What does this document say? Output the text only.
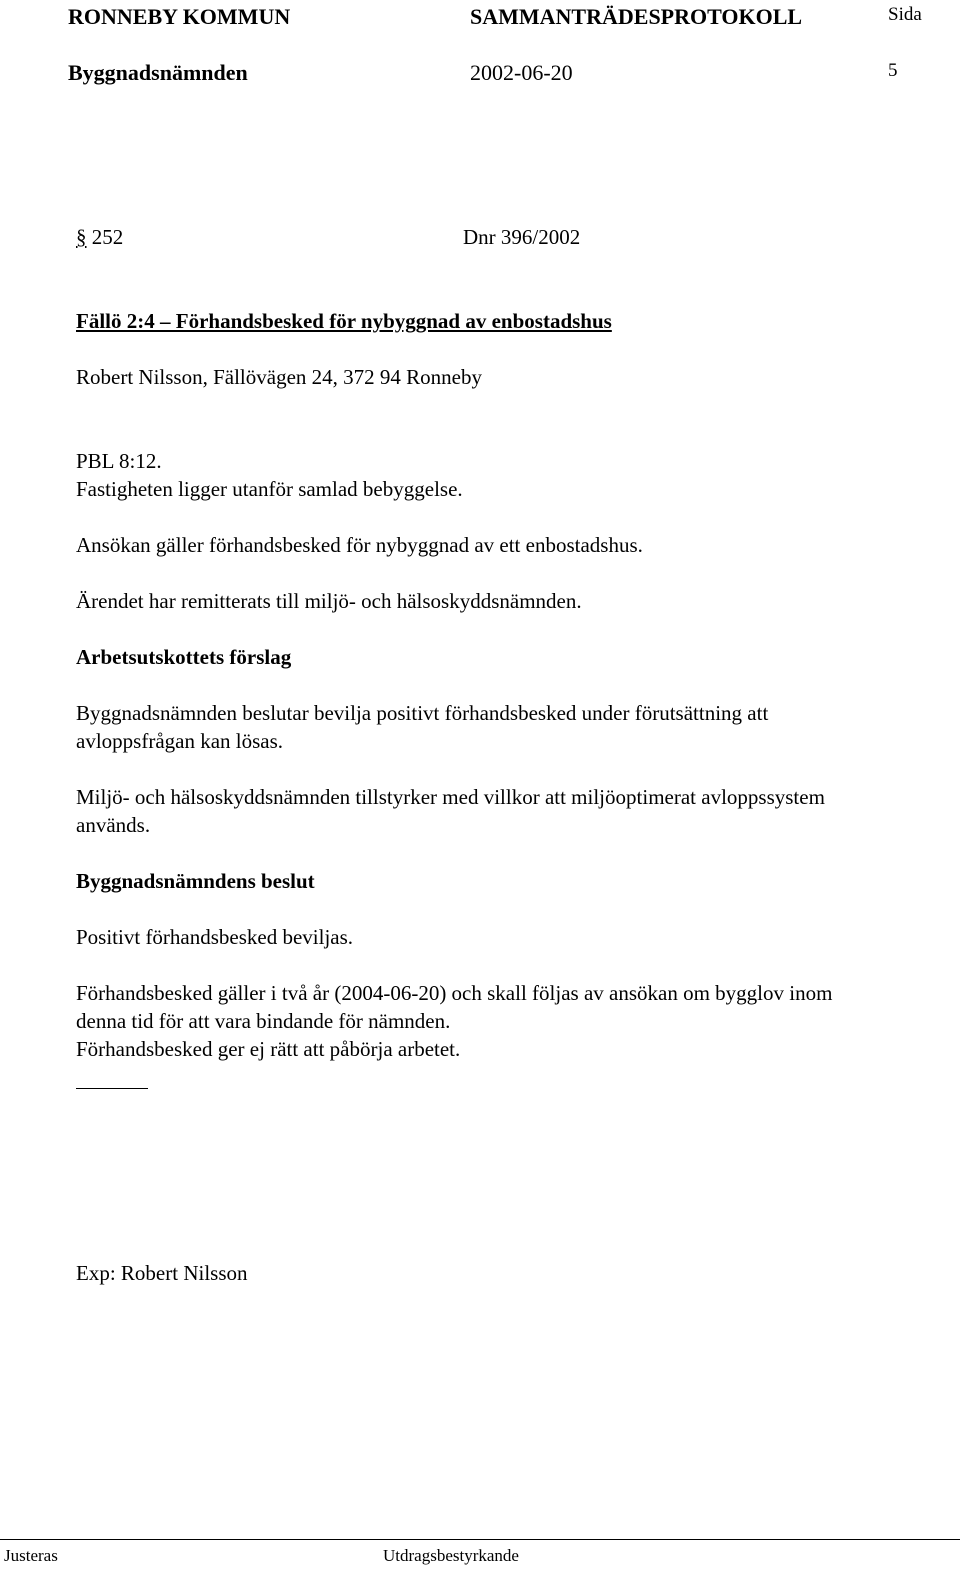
RONNEBY KOMMUN	SAMMANTRÄDESPROTOKOLL	Sida
Byggnadsnämnden	2002-06-20	5
§ 252	Dnr 396/2002
Fällö 2:4 – Förhandsbesked för nybyggnad av enbostadshus
Robert Nilsson, Fällövägen 24, 372 94 Ronneby
PBL 8:12.
Fastigheten ligger utanför samlad bebyggelse.
Ansökan gäller förhandsbesked för nybyggnad av ett enbostadshus.
Ärendet har remitterats till miljö- och hälsoskyddsnämnden.
Arbetsutskottets förslag
Byggnadsnämnden beslutar bevilja positivt förhandsbesked under förutsättning att
avloppsfrågan kan lösas.
Miljö- och hälsoskyddsnämnden tillstyrker med villkor att miljöoptimerat avloppssystem
används.
Byggnadsnämndens beslut
Positivt förhandsbesked beviljas.
Förhandsbesked gäller i två år (2004-06-20) och skall följas av ansökan om bygglov inom
denna tid för att vara bindande för nämnden.
Förhandsbesked ger ej rätt att påbörja arbetet.
Exp: Robert Nilsson
Justeras	Utdragsbestyrkande
